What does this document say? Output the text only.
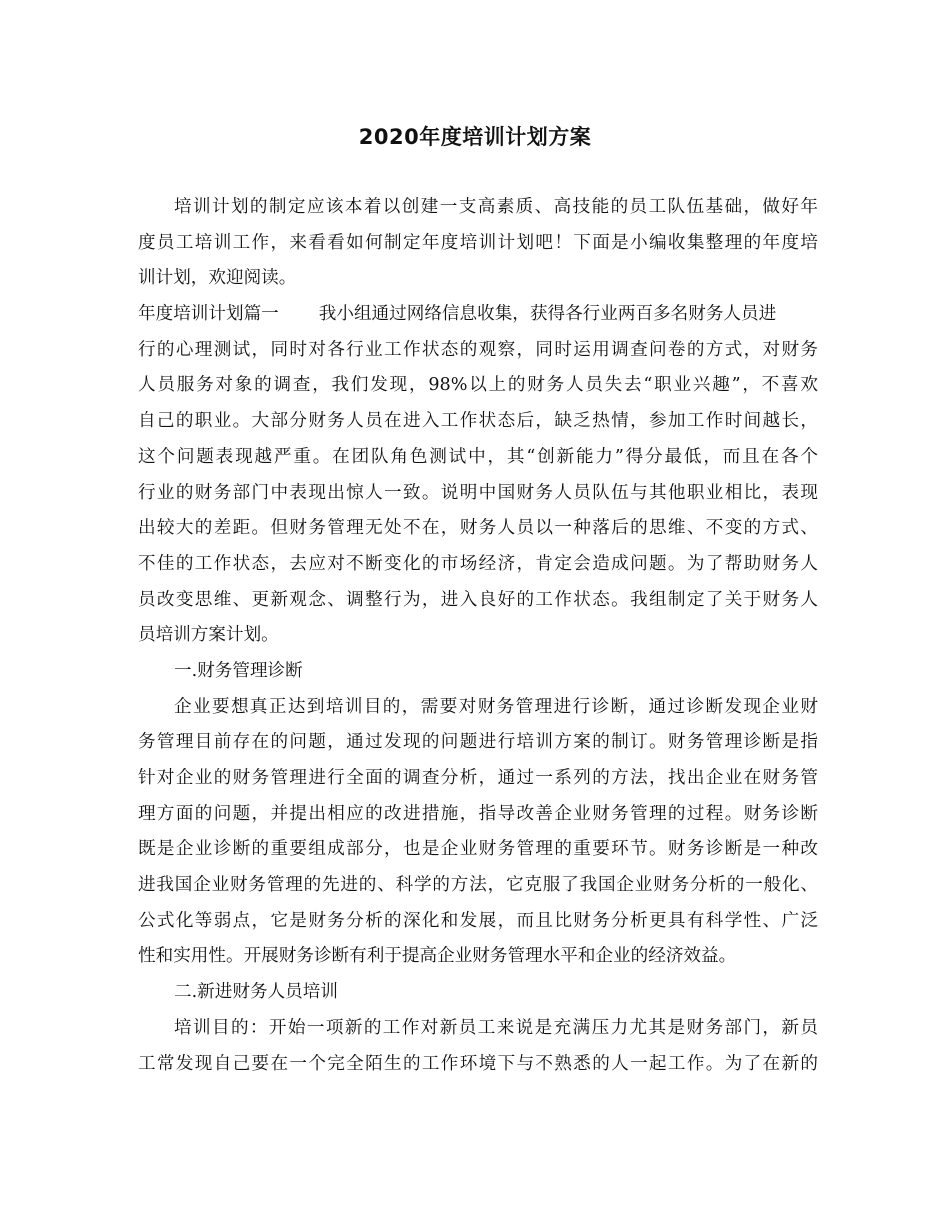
2020年度培训计划方案
培训计划的制定应该本着以创建一支高素质、高技能的员工队伍基础，做好年
度员工培训工作，来看看如何制定年度培训计划吧！下面是小编收集整理的年度培
训计划，欢迎阅读。
年度培训计划篇一 我小组通过网络信息收集，获得各行业两百多名财务人员进
行的心理测试，同时对各行业工作状态的观察，同时运用调查问卷的方式，对财务
人员服务对象的调查，我们发现，98%以上的财务人员失去“职业兴趣”，不喜欢
自己的职业。大部分财务人员在进入工作状态后，缺乏热情，参加工作时间越长，
这个问题表现越严重。在团队角色测试中，其“创新能力”得分最低，而且在各个
行业的财务部门中表现出惊人一致。说明中国财务人员队伍与其他职业相比，表现
出较大的差距。但财务管理无处不在，财务人员以一种落后的思维、不变的方式、
不佳的工作状态，去应对不断变化的市场经济，肯定会造成问题。为了帮助财务人
员改变思维、更新观念、调整行为，进入良好的工作状态。我组制定了关于财务人
员培训方案计划。
一.财务管理诊断
企业要想真正达到培训目的，需要对财务管理进行诊断，通过诊断发现企业财
务管理目前存在的问题，通过发现的问题进行培训方案的制订。财务管理诊断是指
针对企业的财务管理进行全面的调查分析，通过一系列的方法，找出企业在财务管
理方面的问题，并提出相应的改进措施，指导改善企业财务管理的过程。财务诊断
既是企业诊断的重要组成部分，也是企业财务管理的重要环节。财务诊断是一种改
进我国企业财务管理的先进的、科学的方法，它克服了我国企业财务分析的一般化、
公式化等弱点，它是财务分析的深化和发展，而且比财务分析更具有科学性、广泛
性和实用性。开展财务诊断有利于提高企业财务管理水平和企业的经济效益。
二.新进财务人员培训
培训目的：开始一项新的工作对新员工来说是充满压力尤其是财务部门，新员
工常发现自己要在一个完全陌生的工作环境下与不熟悉的人一起工作。为了在新的
